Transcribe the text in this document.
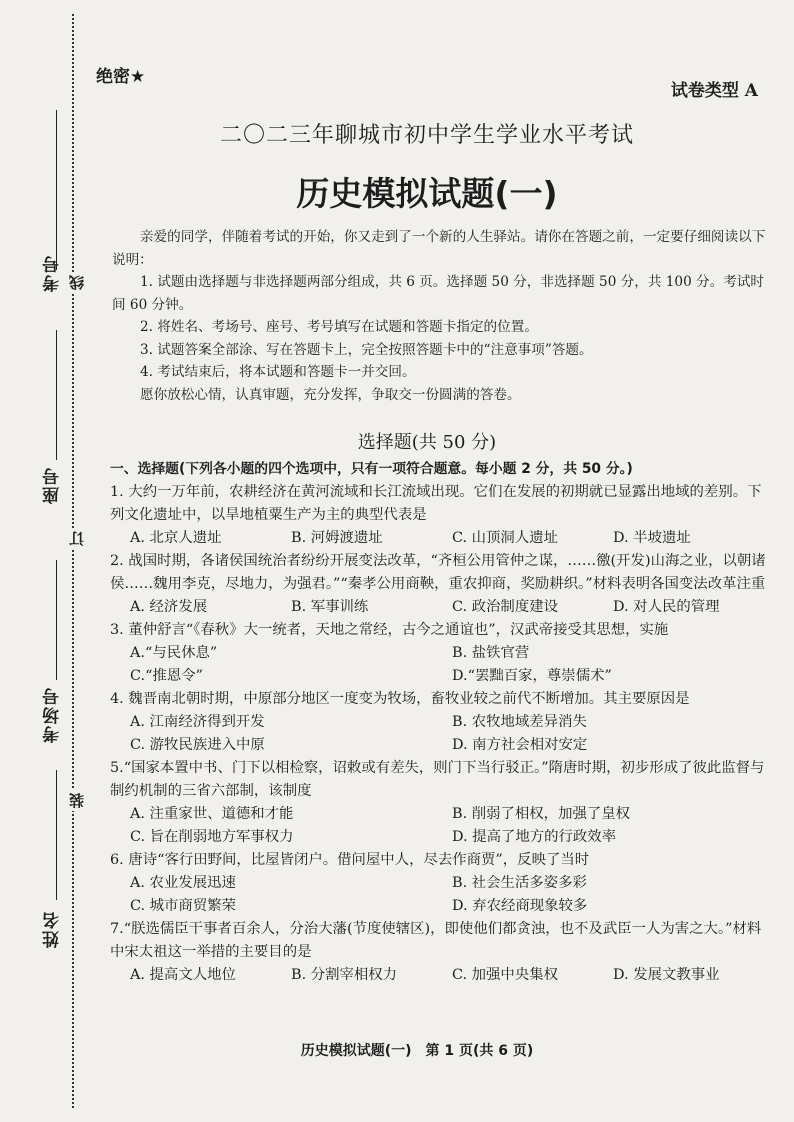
考号 线
座号
订
考场号
装
姓名
绝密★
试卷类型 A
二〇二三年聊城市初中学生学业水平考试
历史模拟试题(一)

亲爱的同学，伴随着考试的开始，你又走到了一个新的人生驿站。请你在答题之前，一定要仔细阅读以下说明：

1. 试题由选择题与非选择题两部分组成，共 6 页。选择题 50 分，非选择题 50 分，共 100 分。考试时间 60 分钟。

2. 将姓名、考场号、座号、考号填写在试题和答题卡指定的位置。

3. 试题答案全部涂、写在答题卡上，完全按照答题卡中的“注意事项”答题。

4. 考试结束后，将本试题和答题卡一并交回。

愿你放松心情，认真审题，充分发挥，争取交一份圆满的答卷。

选择题(共 50 分)
一、选择题(下列各小题的四个选项中，只有一项符合题意。每小题 2 分，共 50 分。)
1. 大约一万年前，农耕经济在黄河流域和长江流域出现。它们在发展的初期就已显露出地域的差别。下列文化遗址中，以旱地植粟生产为主的典型代表是
A. 北京人遗址	B. 河姆渡遗址	C. 山顶洞人遗址	D. 半坡遗址
2. 战国时期，各诸侯国统治者纷纷开展变法改革，“齐桓公用管仲之谋，……徼(开发)山海之业，以朝诸侯……魏用李克，尽地力，为强君。”“秦孝公用商鞅，重农抑商，奖励耕织。”材料表明各国变法改革注重
A. 经济发展	B. 军事训练	C. 政治制度建设	D. 对人民的管理
3. 董仲舒言“《春秋》大一统者，天地之常经，古今之通谊也”，汉武帝接受其思想，实施
A.“与民休息”	B. 盐铁官营
C.“推恩令”	D.“罢黜百家，尊崇儒术”
4. 魏晋南北朝时期，中原部分地区一度变为牧场，畜牧业较之前代不断增加。其主要原因是
A. 江南经济得到开发	B. 农牧地域差异消失
C. 游牧民族进入中原	D. 南方社会相对安定
5.“国家本置中书、门下以相检察，诏敕或有差失，则门下当行驳正。”隋唐时期，初步形成了彼此监督与制约机制的三省六部制，该制度
A. 注重家世、道德和才能	B. 削弱了相权，加强了皇权
C. 旨在削弱地方军事权力	D. 提高了地方的行政效率
6. 唐诗“客行田野间，比屋皆闭户。借问屋中人，尽去作商贾”，反映了当时
A. 农业发展迅速	B. 社会生活多姿多彩
C. 城市商贸繁荣	D. 弃农经商现象较多
7.“朕选儒臣干事者百余人，分治大藩(节度使辖区)，即使他们都贪浊，也不及武臣一人为害之大。”材料中宋太祖这一举措的主要目的是
A. 提高文人地位	B. 分割宰相权力	C. 加强中央集权	D. 发展文教事业
历史模拟试题(一)　第 1 页(共 6 页)
